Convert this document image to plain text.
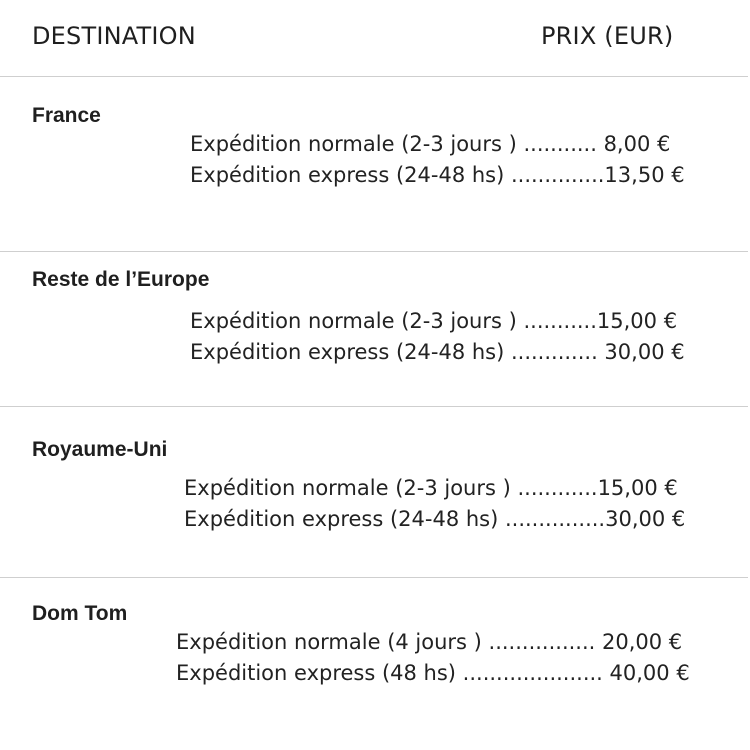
DESTINATION	PRIX (EUR)
France
Expédition normale (2-3 jours ) ........... 8,00 €
Expédition express (24-48 hs) ..............13,50 €
Reste de l’Europe
Expédition normale (2-3 jours ) ...........15,00 €
Expédition express (24-48 hs) ............. 30,00 €
Royaume-Uni
Expédition normale (2-3 jours ) ............15,00 €
Expédition express (24-48 hs) ...............30,00 €
Dom Tom
Expédition normale (4 jours ) ................ 20,00 €
Expédition express (48 hs) ..................... 40,00 €
